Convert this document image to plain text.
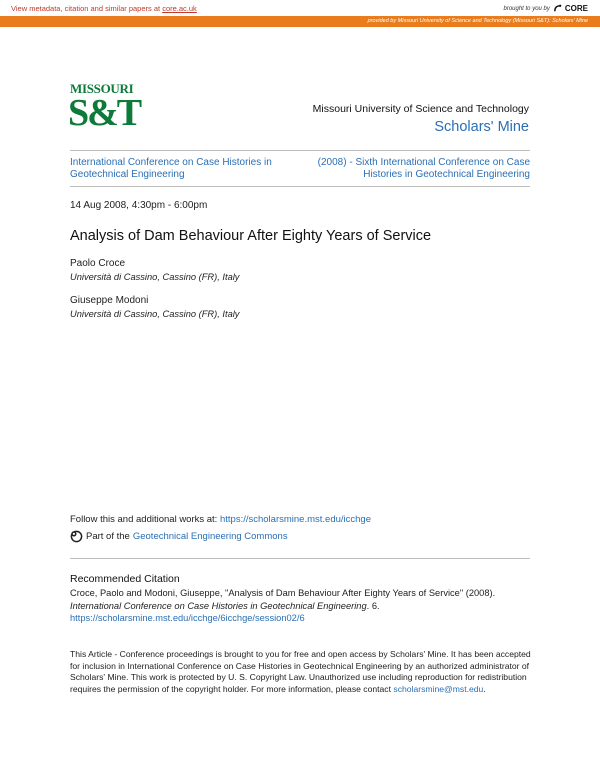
View metadata, citation and similar papers at core.ac.uk	brought to you by CORE
provided by Missouri University of Science and Technology (Missouri S&T): Scholars' Mine
MISSOURI
S&T	Missouri University of Science and Technology
Scholars' Mine
International Conference on Case Histories in Geotechnical Engineering
(2008) - Sixth International Conference on Case Histories in Geotechnical Engineering
14 Aug 2008, 4:30pm - 6:00pm
Analysis of Dam Behaviour After Eighty Years of Service
Paolo Croce
Università di Cassino, Cassino (FR), Italy
Giuseppe Modoni
Università di Cassino, Cassino (FR), Italy
Follow this and additional works at: https://scholarsmine.mst.edu/icchge
Part of the Geotechnical Engineering Commons
Recommended Citation
Croce, Paolo and Modoni, Giuseppe, "Analysis of Dam Behaviour After Eighty Years of Service" (2008). International Conference on Case Histories in Geotechnical Engineering. 6.
https://scholarsmine.mst.edu/icchge/6icchge/session02/6
This Article - Conference proceedings is brought to you for free and open access by Scholars' Mine. It has been accepted for inclusion in International Conference on Case Histories in Geotechnical Engineering by an authorized administrator of Scholars' Mine. This work is protected by U. S. Copyright Law. Unauthorized use including reproduction for redistribution requires the permission of the copyright holder. For more information, please contact scholarsmine@mst.edu.
